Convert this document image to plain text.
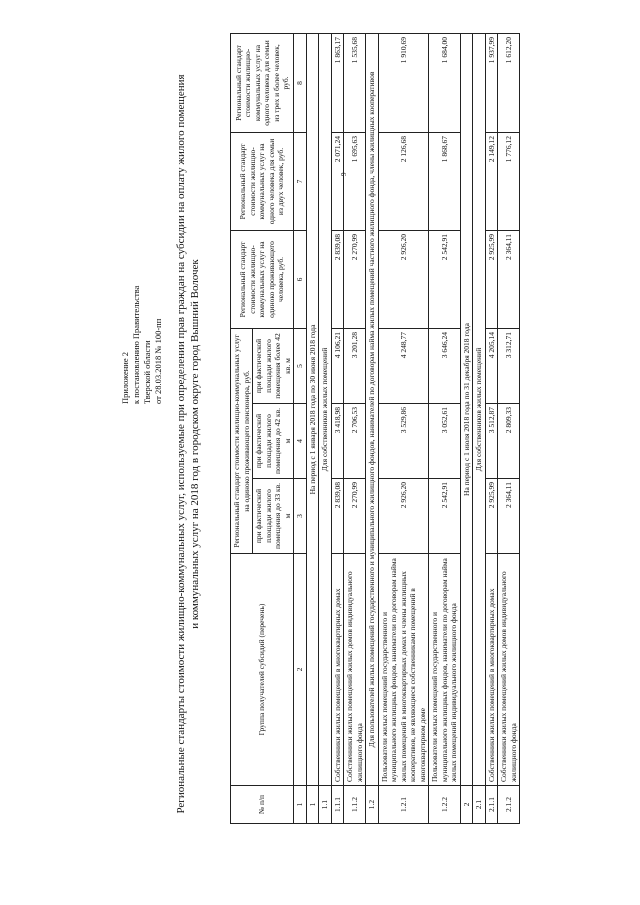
9
Приложение 2 к постановлению Правительства Тверской области от 28.03.2018 № 100-пп Региональные стандарты стоимости жилищно-коммунальных услуг, используемые при определении прав граждан на субсидии на оплату жилого помещения и коммунальных услуг на 2018 год в городском округе город Вышний Волочек
№ п/п	Группа получателей субсидий (перечень)	Региональный стандарт стоимости жилищно-коммунальных услуг на одиноко проживающего пенсионера, руб.			Региональный стандарт стоимости жилищно-коммунальных услуг на одиноко проживающего человека, руб.	Региональный стандарт стоимости жилищно-коммунальных услуг на одного человека для семьи из двух человек, руб.	Региональный стандарт стоимости жилищно-коммунальных услуг на одного человека для семьи из трех и более человек, руб.
		при фактической площади жилого помещения до 33 кв. м	при фактической площади жилого помещения до 42 кв. м	при фактической площади жилого помещения более 42 кв. м			
1	2	3	4	5	6	7	8
1	На период с 1 января 2018 года по 30 июня 2018 года						
1.1	Для собственников жилых помещений						
1.1.1	Собственники жилых помещений в многоквартирных домах	2 839,08	3 418,98	4 106,21	2 839,08	2 071,24	1 863,17
1.1.2	Собственники жилых помещений жилых домов индивидуального жилищного фонда	2 270,99	2 706,53	3 201,28	2 270,99	1 695,63	1 535,68
1.2	Для пользователей жилых помещений государственного и муниципального жилищного фондов, нанимателей по договорам найма жилых помещений частного жилищного фонда, члены жилищных кооперативов						
1.2.1	Пользователи жилых помещений государственного и муниципального жилищных фондов, наниматели по договорам найма жилых помещений в многоквартирных домах и члены жилищных кооперативов, не являющиеся собственниками помещений в многоквартирном доме	2 926,20	3 529,86	4 248,77	2 926,20	2 126,68	1 910,69
1.2.2	Пользователи жилых помещений государственного и муниципального жилищных фондов, наниматели по договорам найма жилых помещений индивидуального жилищного фонда	2 542,91	3 052,61	3 646,24	2 542,91	1 868,67	1 684,00
2	На период с 1 июля 2018 года по 31 декабря 2018 года						
2.1	Для собственников жилых помещений						
2.1.1	Собственники жилых помещений в многоквартирных домах	2 925,99	3 512,87	4 205,14	2 925,99	2 149,12	1 937,99
2.1.2	Собственники жилых помещений жилых домов индивидуального жилищного фонда	2 364,11	2 809,33	3 312,71	2 364,11	1 776,12	1 612,20
